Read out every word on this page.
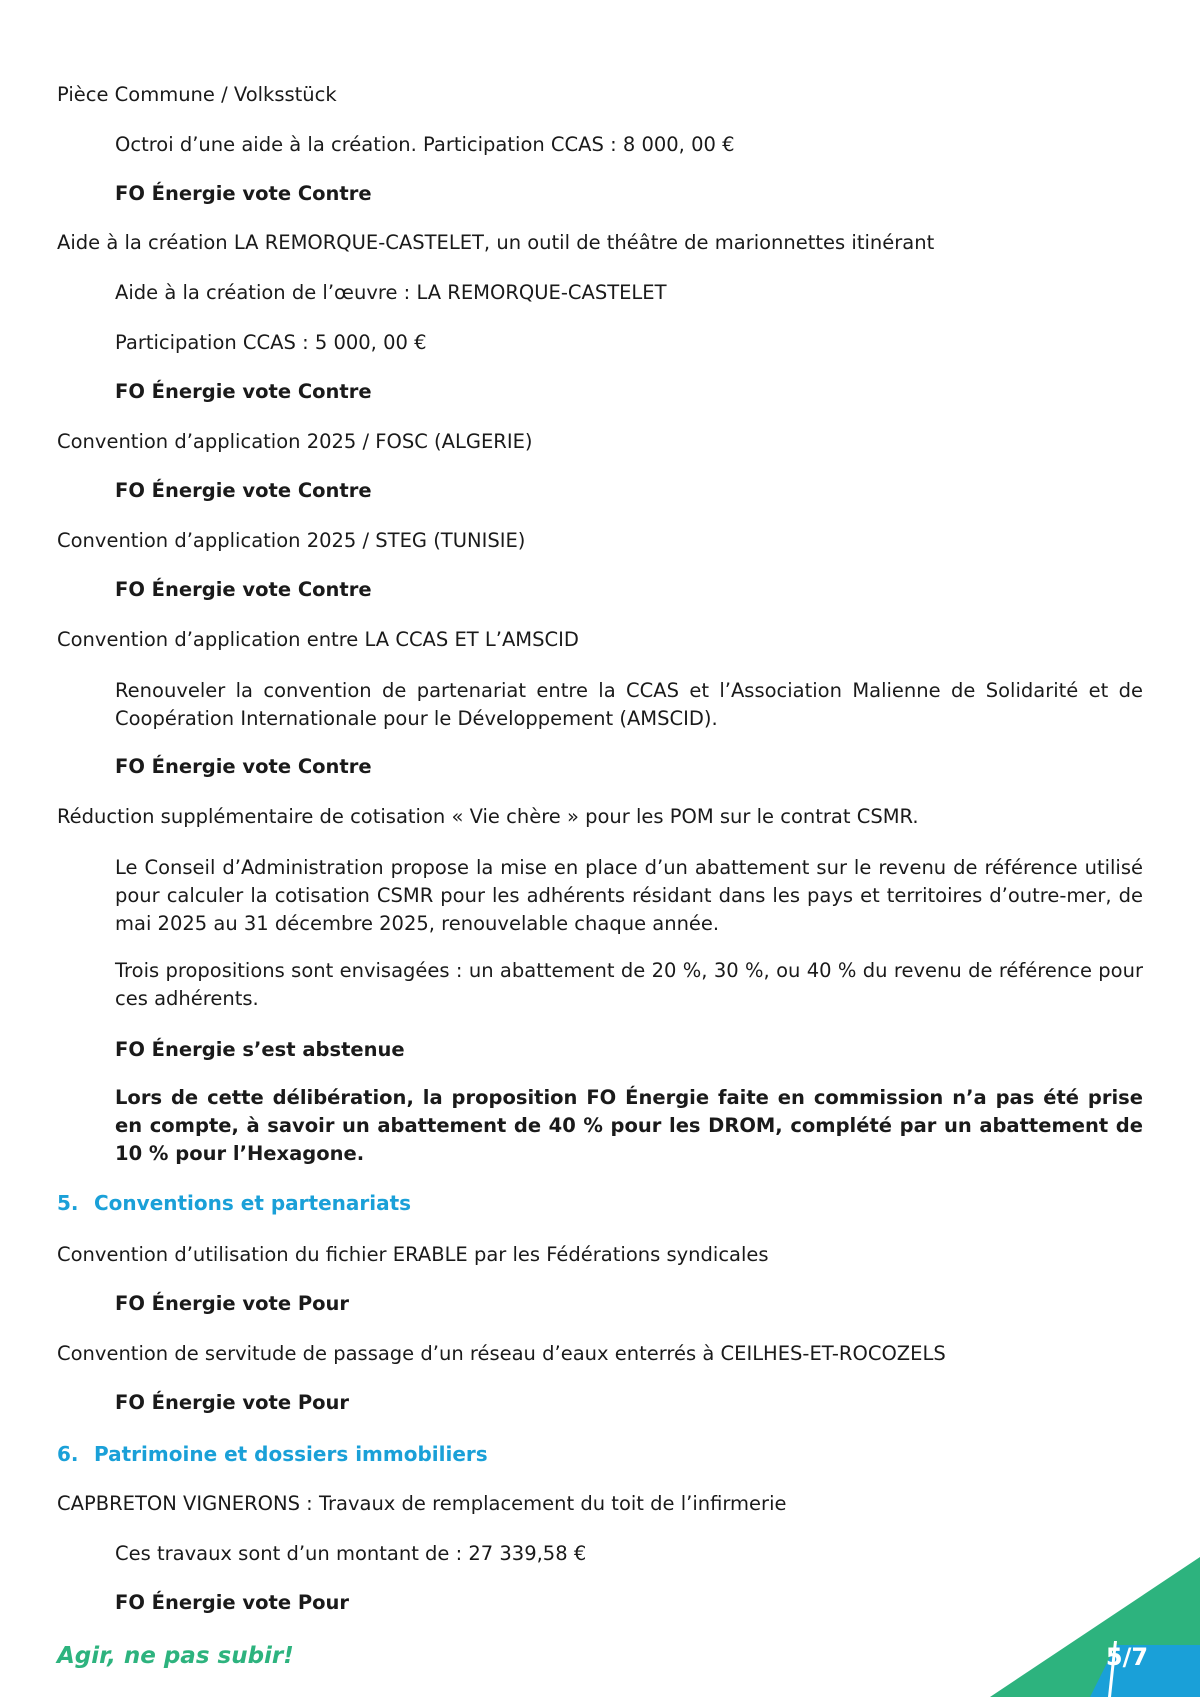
Pièce Commune / Volksstück
Octroi d’une aide à la création. Participation CCAS : 8 000, 00 €
FO Énergie vote Contre
Aide à la création LA REMORQUE-CASTELET, un outil de théâtre de marionnettes itinérant
Aide à la création de l’œuvre : LA REMORQUE-CASTELET
Participation CCAS : 5 000, 00 €
FO Énergie vote Contre
Convention d’application 2025 / FOSC (ALGERIE)
FO Énergie vote Contre
Convention d’application 2025 / STEG (TUNISIE)
FO Énergie vote Contre
Convention d’application entre LA CCAS ET L’AMSCID
Renouveler la convention de partenariat entre la CCAS et l’Association Malienne de Solidarité et de Coopération Internationale pour le Développement (AMSCID).
FO Énergie vote Contre
Réduction supplémentaire de cotisation « Vie chère » pour les POM sur le contrat CSMR.
Le Conseil d’Administration propose la mise en place d’un abattement sur le revenu de référence utilisé pour calculer la cotisation CSMR pour les adhérents résidant dans les pays et territoires d’outre-mer, de mai 2025 au 31 décembre 2025, renouvelable chaque année.
Trois propositions sont envisagées : un abattement de 20 %, 30 %, ou 40 % du revenu de référence pour ces adhérents.
FO Énergie s’est abstenue
Lors de cette délibération, la proposition FO Énergie faite en commission n’a pas été prise en compte, à savoir un abattement de 40 % pour les DROM, complété par un abattement de 10 % pour l’Hexagone.
5. Conventions et partenariats
Convention d’utilisation du fichier ERABLE par les Fédérations syndicales
FO Énergie vote Pour
Convention de servitude de passage d’un réseau d’eaux enterrés à CEILHES-ET-ROCOZELS
FO Énergie vote Pour
6. Patrimoine et dossiers immobiliers
CAPBRETON VIGNERONS : Travaux de remplacement du toit de l’infirmerie
Ces travaux sont d’un montant de : 27 339,58 €
FO Énergie vote Pour
Agir, ne pas subir!	5/7
